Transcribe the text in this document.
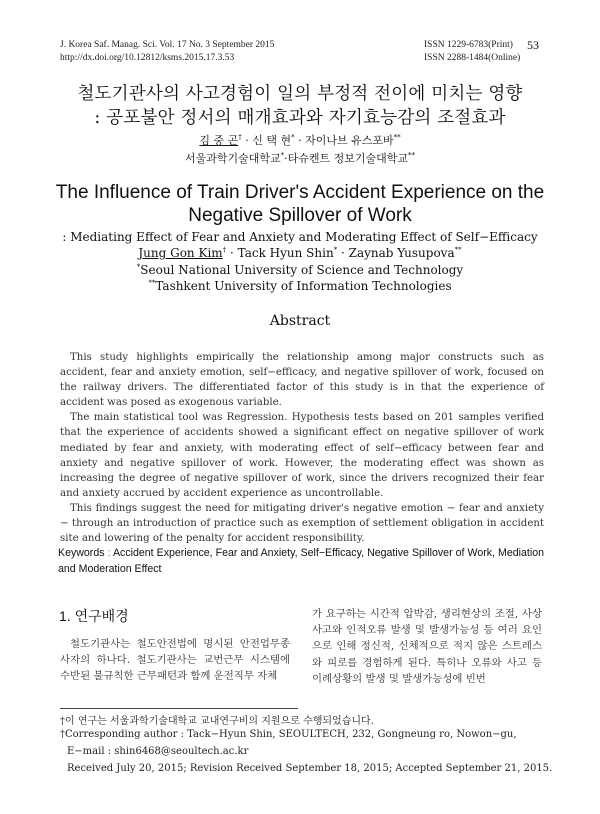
J. Korea Saf. Manag. Sci. Vol. 17 No. 3 September 2015
http://dx.doi.org/10.12812/ksms.2015.17.3.53
ISSN 1229-6783(Print)
ISSN 2288-1484(Online)
53
철도기관사의 사고경험이 일의 부정적 전이에 미치는 영향
: 공포불안 정서의 매개효과와 자기효능감의 조절효과
김 중 곤† · 신 택 현* · 자이나브 유스포바**
서울과학기술대학교*·타슈켄트 정보기술대학교**
The Influence of Train Driver's Accident Experience on the
Negative Spillover of Work
: Mediating Effect of Fear and Anxiety and Moderating Effect of Self−Efficacy
Jung Gon Kim† · Tack Hyun Shin* · Zaynab Yusupova**
*Seoul National University of Science and Technology
**Tashkent University of Information Technologies
Abstract

This study highlights empirically the relationship among major constructs such as accident, fear and anxiety emotion, self−efficacy, and negative spillover of work, focused on the railway drivers. The differentiated factor of this study is in that the experience of accident was posed as exogenous variable.

The main statistical tool was Regression. Hypothesis tests based on 201 samples verified that the experience of accidents showed a significant effect on negative spillover of work mediated by fear and anxiety, with moderating effect of self−efficacy between fear and anxiety and negative spillover of work. However, the moderating effect was shown as increasing the degree of negative spillover of work, since the drivers recognized their fear and anxiety accrued by accident experience as uncontrollable.

This findings suggest the need for mitigating driver's negative emotion − fear and anxiety − through an introduction of practice such as exemption of settlement obligation in accident site and lowering of the penalty for accident responsibility.

Keywords ː Accident Experience, Fear and Anxiety, Self−Efficacy, Negative Spillover of Work, Mediation and Moderation Effect
1. 연구배경

철도기관사는 철도안전법에 명시된 안전업무종사자의 하나다. 철도기관사는 교번근무 시스템에 수반된 불규칙한 근무패턴과 함께 운전직무 자체

가 요구하는 시간적 압박감, 생리현상의 조절, 사상사고와 인적오류 발생 및 발생가능성 등 여러 요인으로 인해 정신적, 신체적으로 적지 않은 스트레스와 피로를 경험하게 된다. 특히나 오류와 사고 등 이례상황의 발생 및 발생가능성에 빈번

†이 연구는 서울과학기술대학교 교내연구비의 지원으로 수행되었습니다.
†Corresponding author : Tack−Hyun Shin, SEOULTECH, 232, Gongneung ro, Nowon−gu,
E−mail : shin6468@seoultech.ac.kr
Received July 20, 2015; Revision Received September 18, 2015; Accepted September 21, 2015.
